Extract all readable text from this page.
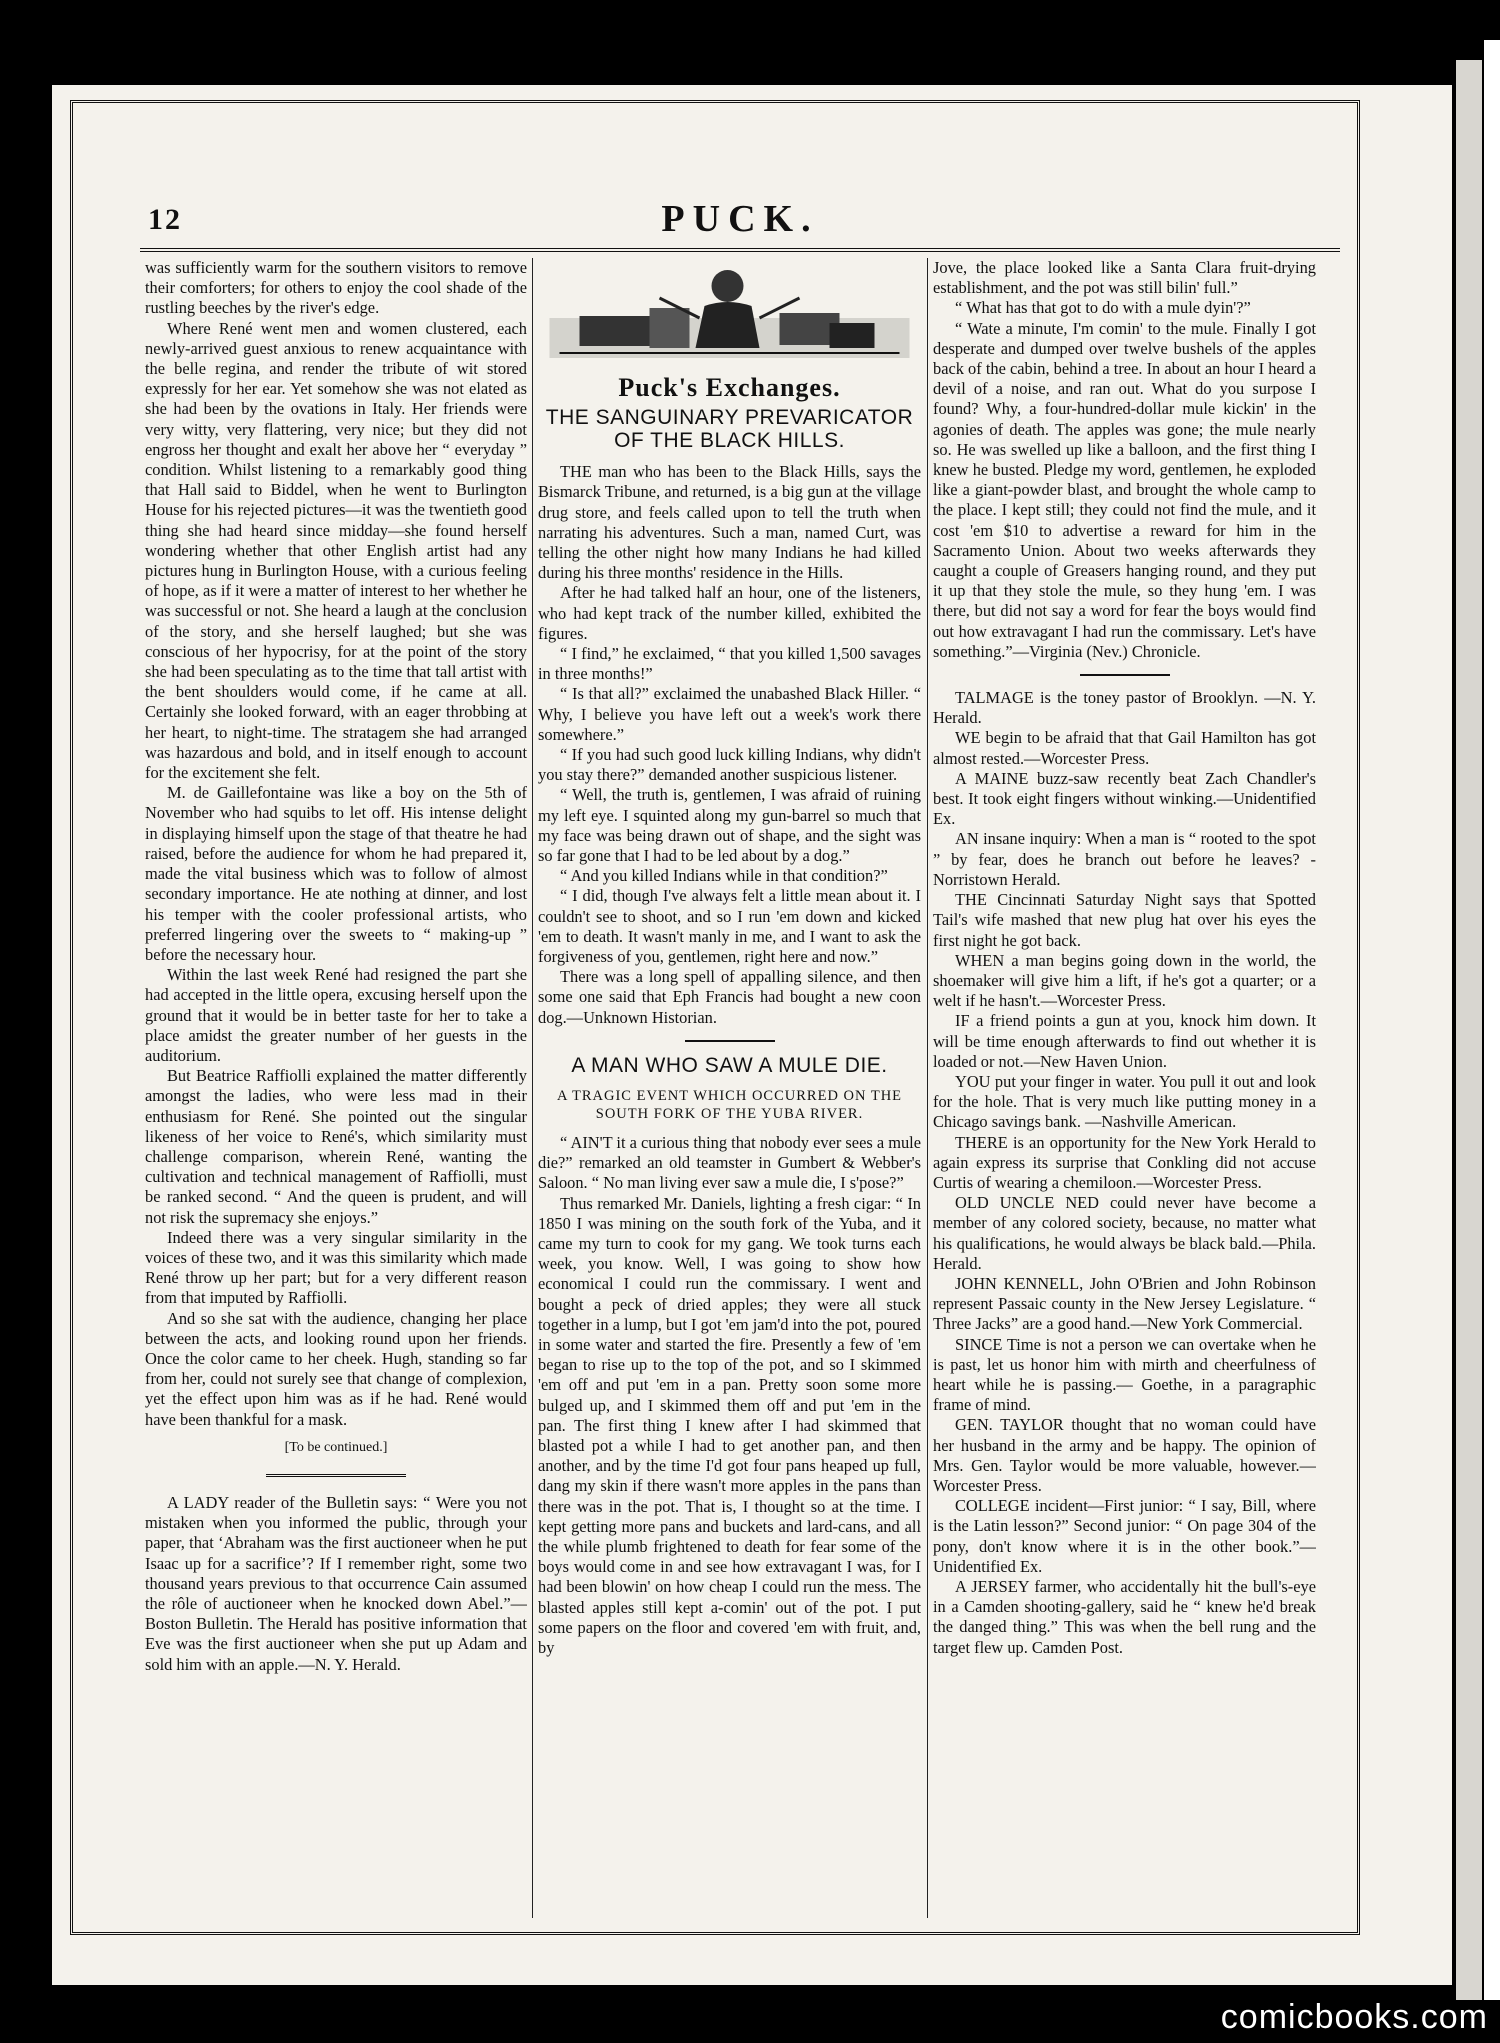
12	PUCK.

was sufficiently warm for the southern visitors to remove their comforters; for others to enjoy the cool shade of the rustling beeches by the river's edge.

Where René went men and women clustered, each newly-arrived guest anxious to renew acquaintance with the belle regina, and render the tribute of wit stored expressly for her ear. Yet somehow she was not elated as she had been by the ovations in Italy. Her friends were very witty, very flattering, very nice; but they did not engross her thought and exalt her above her “ everyday ” condition. Whilst listening to a remarkably good thing that Hall said to Biddel, when he went to Burlington House for his rejected pictures—it was the twentieth good thing she had heard since midday—she found herself wondering whether that other English artist had any pictures hung in Burlington House, with a curious feeling of hope, as if it were a matter of interest to her whether he was successful or not. She heard a laugh at the conclusion of the story, and she herself laughed; but she was conscious of her hypocrisy, for at the point of the story she had been speculating as to the time that tall artist with the bent shoulders would come, if he came at all. Certainly she looked forward, with an eager throbbing at her heart, to night-time. The stratagem she had arranged was hazardous and bold, and in itself enough to account for the excitement she felt.

M. de Gaillefontaine was like a boy on the 5th of November who had squibs to let off. His intense delight in displaying himself upon the stage of that theatre he had raised, before the audience for whom he had prepared it, made the vital business which was to follow of almost secondary importance. He ate nothing at dinner, and lost his temper with the cooler professional artists, who preferred lingering over the sweets to “ making-up ” before the necessary hour.

Within the last week René had resigned the part she had accepted in the little opera, excusing herself upon the ground that it would be in better taste for her to take a place amidst the greater number of her guests in the auditorium.

But Beatrice Raffiolli explained the matter differently amongst the ladies, who were less mad in their enthusiasm for René. She pointed out the singular likeness of her voice to René's, which similarity must challenge comparison, wherein René, wanting the cultivation and technical management of Raffiolli, must be ranked second. “ And the queen is prudent, and will not risk the supremacy she enjoys.”

Indeed there was a very singular similarity in the voices of these two, and it was this similarity which made René throw up her part; but for a very different reason from that imputed by Raffiolli.

And so she sat with the audience, changing her place between the acts, and looking round upon her friends. Once the color came to her cheek. Hugh, standing so far from her, could not surely see that change of complexion, yet the effect upon him was as if he had. René would have been thankful for a mask.

[To be continued.]

A LADY reader of the Bulletin says: “ Were you not mistaken when you informed the public, through your paper, that ‘Abraham was the first auctioneer when he put Isaac up for a sacrifice’? If I remember right, some two thousand years previous to that occurrence Cain assumed the rôle of auctioneer when he knocked down Abel.”—Boston Bulletin. The Herald has positive information that Eve was the first auctioneer when she put up Adam and sold him with an apple.—N. Y. Herald.

Puck's Exchanges.
THE SANGUINARY PREVARICATOR OF THE BLACK HILLS.

THE man who has been to the Black Hills, says the Bismarck Tribune, and returned, is a big gun at the village drug store, and feels called upon to tell the truth when narrating his adventures. Such a man, named Curt, was telling the other night how many Indians he had killed during his three months' residence in the Hills.

After he had talked half an hour, one of the listeners, who had kept track of the number killed, exhibited the figures.

“ I find,” he exclaimed, “ that you killed 1,500 savages in three months!”

“ Is that all?” exclaimed the unabashed Black Hiller. “ Why, I believe you have left out a week's work there somewhere.”

“ If you had such good luck killing Indians, why didn't you stay there?” demanded another suspicious listener.

“ Well, the truth is, gentlemen, I was afraid of ruining my left eye. I squinted along my gun-barrel so much that my face was being drawn out of shape, and the sight was so far gone that I had to be led about by a dog.”

“ And you killed Indians while in that condition?”

“ I did, though I've always felt a little mean about it. I couldn't see to shoot, and so I run 'em down and kicked 'em to death. It wasn't manly in me, and I want to ask the forgiveness of you, gentlemen, right here and now.”

There was a long spell of appalling silence, and then some one said that Eph Francis had bought a new coon dog.—Unknown Historian.

A MAN WHO SAW A MULE DIE.
A TRAGIC EVENT WHICH OCCURRED ON THE SOUTH FORK OF THE YUBA RIVER.

“ AIN'T it a curious thing that nobody ever sees a mule die?” remarked an old teamster in Gumbert & Webber's Saloon. “ No man living ever saw a mule die, I s'pose?”

Thus remarked Mr. Daniels, lighting a fresh cigar: “ In 1850 I was mining on the south fork of the Yuba, and it came my turn to cook for my gang. We took turns each week, you know. Well, I was going to show how economical I could run the commissary. I went and bought a peck of dried apples; they were all stuck together in a lump, but I got 'em jam'd into the pot, poured in some water and started the fire. Presently a few of 'em began to rise up to the top of the pot, and so I skimmed 'em off and put 'em in a pan. Pretty soon some more bulged up, and I skimmed them off and put 'em in the pan. The first thing I knew after I had skimmed that blasted pot a while I had to get another pan, and then another, and by the time I'd got four pans heaped up full, dang my skin if there wasn't more apples in the pans than there was in the pot. That is, I thought so at the time. I kept getting more pans and buckets and lard-cans, and all the while plumb frightened to death for fear some of the boys would come in and see how extravagant I was, for I had been blowin' on how cheap I could run the mess. The blasted apples still kept a-comin' out of the pot. I put some papers on the floor and covered 'em with fruit, and, by

Jove, the place looked like a Santa Clara fruit-drying establishment, and the pot was still bilin' full.”

“ What has that got to do with a mule dyin'?”

“ Wate a minute, I'm comin' to the mule. Finally I got desperate and dumped over twelve bushels of the apples back of the cabin, behind a tree. In about an hour I heard a devil of a noise, and ran out. What do you surpose I found? Why, a four-hundred-dollar mule kickin' in the agonies of death. The apples was gone; the mule nearly so. He was swelled up like a balloon, and the first thing I knew he busted. Pledge my word, gentlemen, he exploded like a giant-powder blast, and brought the whole camp to the place. I kept still; they could not find the mule, and it cost 'em $10 to advertise a reward for him in the Sacramento Union. About two weeks afterwards they caught a couple of Greasers hanging round, and they put it up that they stole the mule, so they hung 'em. I was there, but did not say a word for fear the boys would find out how extravagant I had run the commissary. Let's have something.”—Virginia (Nev.) Chronicle.

TALMAGE is the toney pastor of Brooklyn. —N. Y. Herald.

WE begin to be afraid that that Gail Hamilton has got almost rested.—Worcester Press.

A MAINE buzz-saw recently beat Zach Chandler's best. It took eight fingers without winking.—Unidentified Ex.

AN insane inquiry: When a man is “ rooted to the spot ” by fear, does he branch out before he leaves? -Norristown Herald.

THE Cincinnati Saturday Night says that Spotted Tail's wife mashed that new plug hat over his eyes the first night he got back.

WHEN a man begins going down in the world, the shoemaker will give him a lift, if he's got a quarter; or a welt if he hasn't.—Worcester Press.

IF a friend points a gun at you, knock him down. It will be time enough afterwards to find out whether it is loaded or not.—New Haven Union.

YOU put your finger in water. You pull it out and look for the hole. That is very much like putting money in a Chicago savings bank. —Nashville American.

THERE is an opportunity for the New York Herald to again express its surprise that Conkling did not accuse Curtis of wearing a chemiloon.—Worcester Press.

OLD UNCLE NED could never have become a member of any colored society, because, no matter what his qualifications, he would always be black bald.—Phila. Herald.

JOHN KENNELL, John O'Brien and John Robinson represent Passaic county in the New Jersey Legislature. “ Three Jacks” are a good hand.—New York Commercial.

SINCE Time is not a person we can overtake when he is past, let us honor him with mirth and cheerfulness of heart while he is passing.— Goethe, in a paragraphic frame of mind.

GEN. TAYLOR thought that no woman could have her husband in the army and be happy. The opinion of Mrs. Gen. Taylor would be more valuable, however.—Worcester Press.

COLLEGE incident—First junior: “ I say, Bill, where is the Latin lesson?” Second junior: “ On page 304 of the pony, don't know where it is in the other book.”— Unidentified Ex.

A JERSEY farmer, who accidentally hit the bull's-eye in a Camden shooting-gallery, said he “ knew he'd break the danged thing.” This was when the bell rung and the target flew up. Camden Post.

comicbooks.com
